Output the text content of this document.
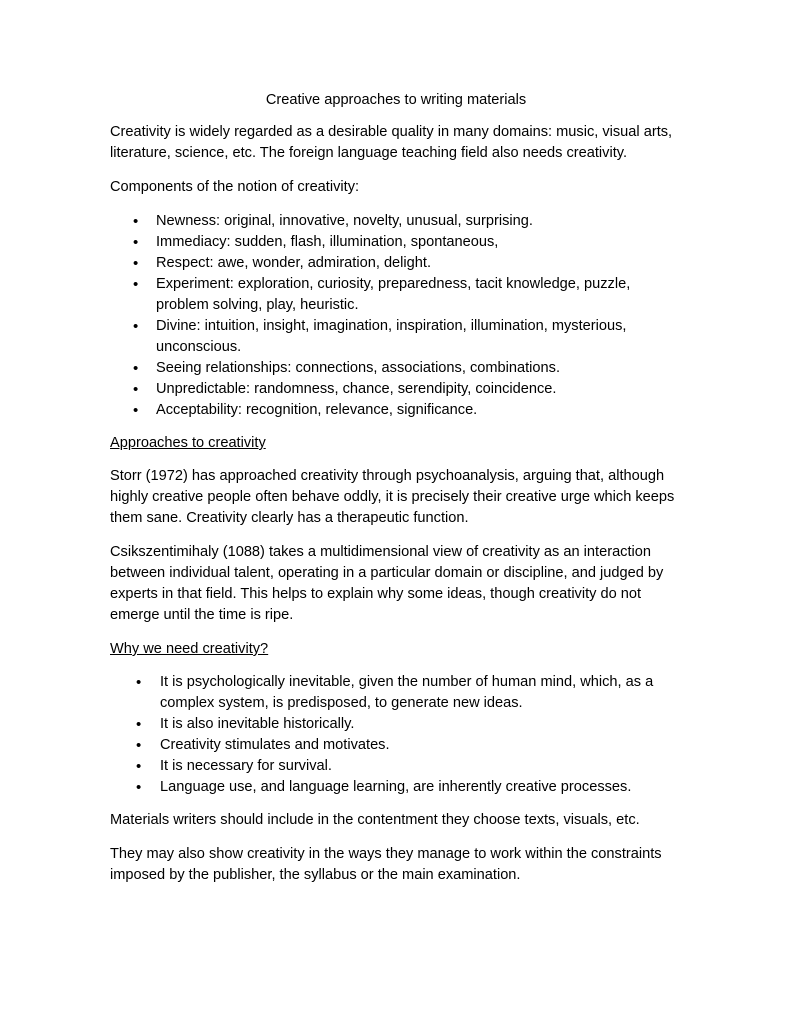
Creative approaches to writing materials

Creativity is widely regarded as a desirable quality in many domains: music, visual arts, literature, science, etc. The foreign language teaching field also needs creativity.

Components of the notion of creativity:

• Newness: original, innovative, novelty, unusual, surprising.
• Immediacy: sudden, flash, illumination, spontaneous,
• Respect: awe, wonder, admiration, delight.
• Experiment: exploration, curiosity, preparedness, tacit knowledge, puzzle, problem solving, play, heuristic.
• Divine: intuition, insight, imagination, inspiration, illumination, mysterious, unconscious.
• Seeing relationships: connections, associations, combinations.
• Unpredictable: randomness, chance, serendipity, coincidence.
• Acceptability: recognition, relevance, significance.

Approaches to creativity

Storr (1972) has approached creativity through psychoanalysis, arguing that, although highly creative people often behave oddly, it is precisely their creative urge which keeps them sane. Creativity clearly has a therapeutic function.

Csikszentimihaly (1088) takes a multidimensional view of creativity as an interaction between individual talent, operating in a particular domain or discipline, and judged by experts in that field. This helps to explain why some ideas, though creativity do not emerge until the time is ripe.

Why we need creativity?

• It is psychologically inevitable, given the number of human mind, which, as a complex system, is predisposed, to generate new ideas.
• It is also inevitable historically.
• Creativity stimulates and motivates.
• It is necessary for survival.
• Language use, and language learning, are inherently creative processes.

Materials writers should include in the contentment they choose texts, visuals, etc.

They may also show creativity in the ways they manage to work within the constraints imposed by the publisher, the syllabus or the main examination.
